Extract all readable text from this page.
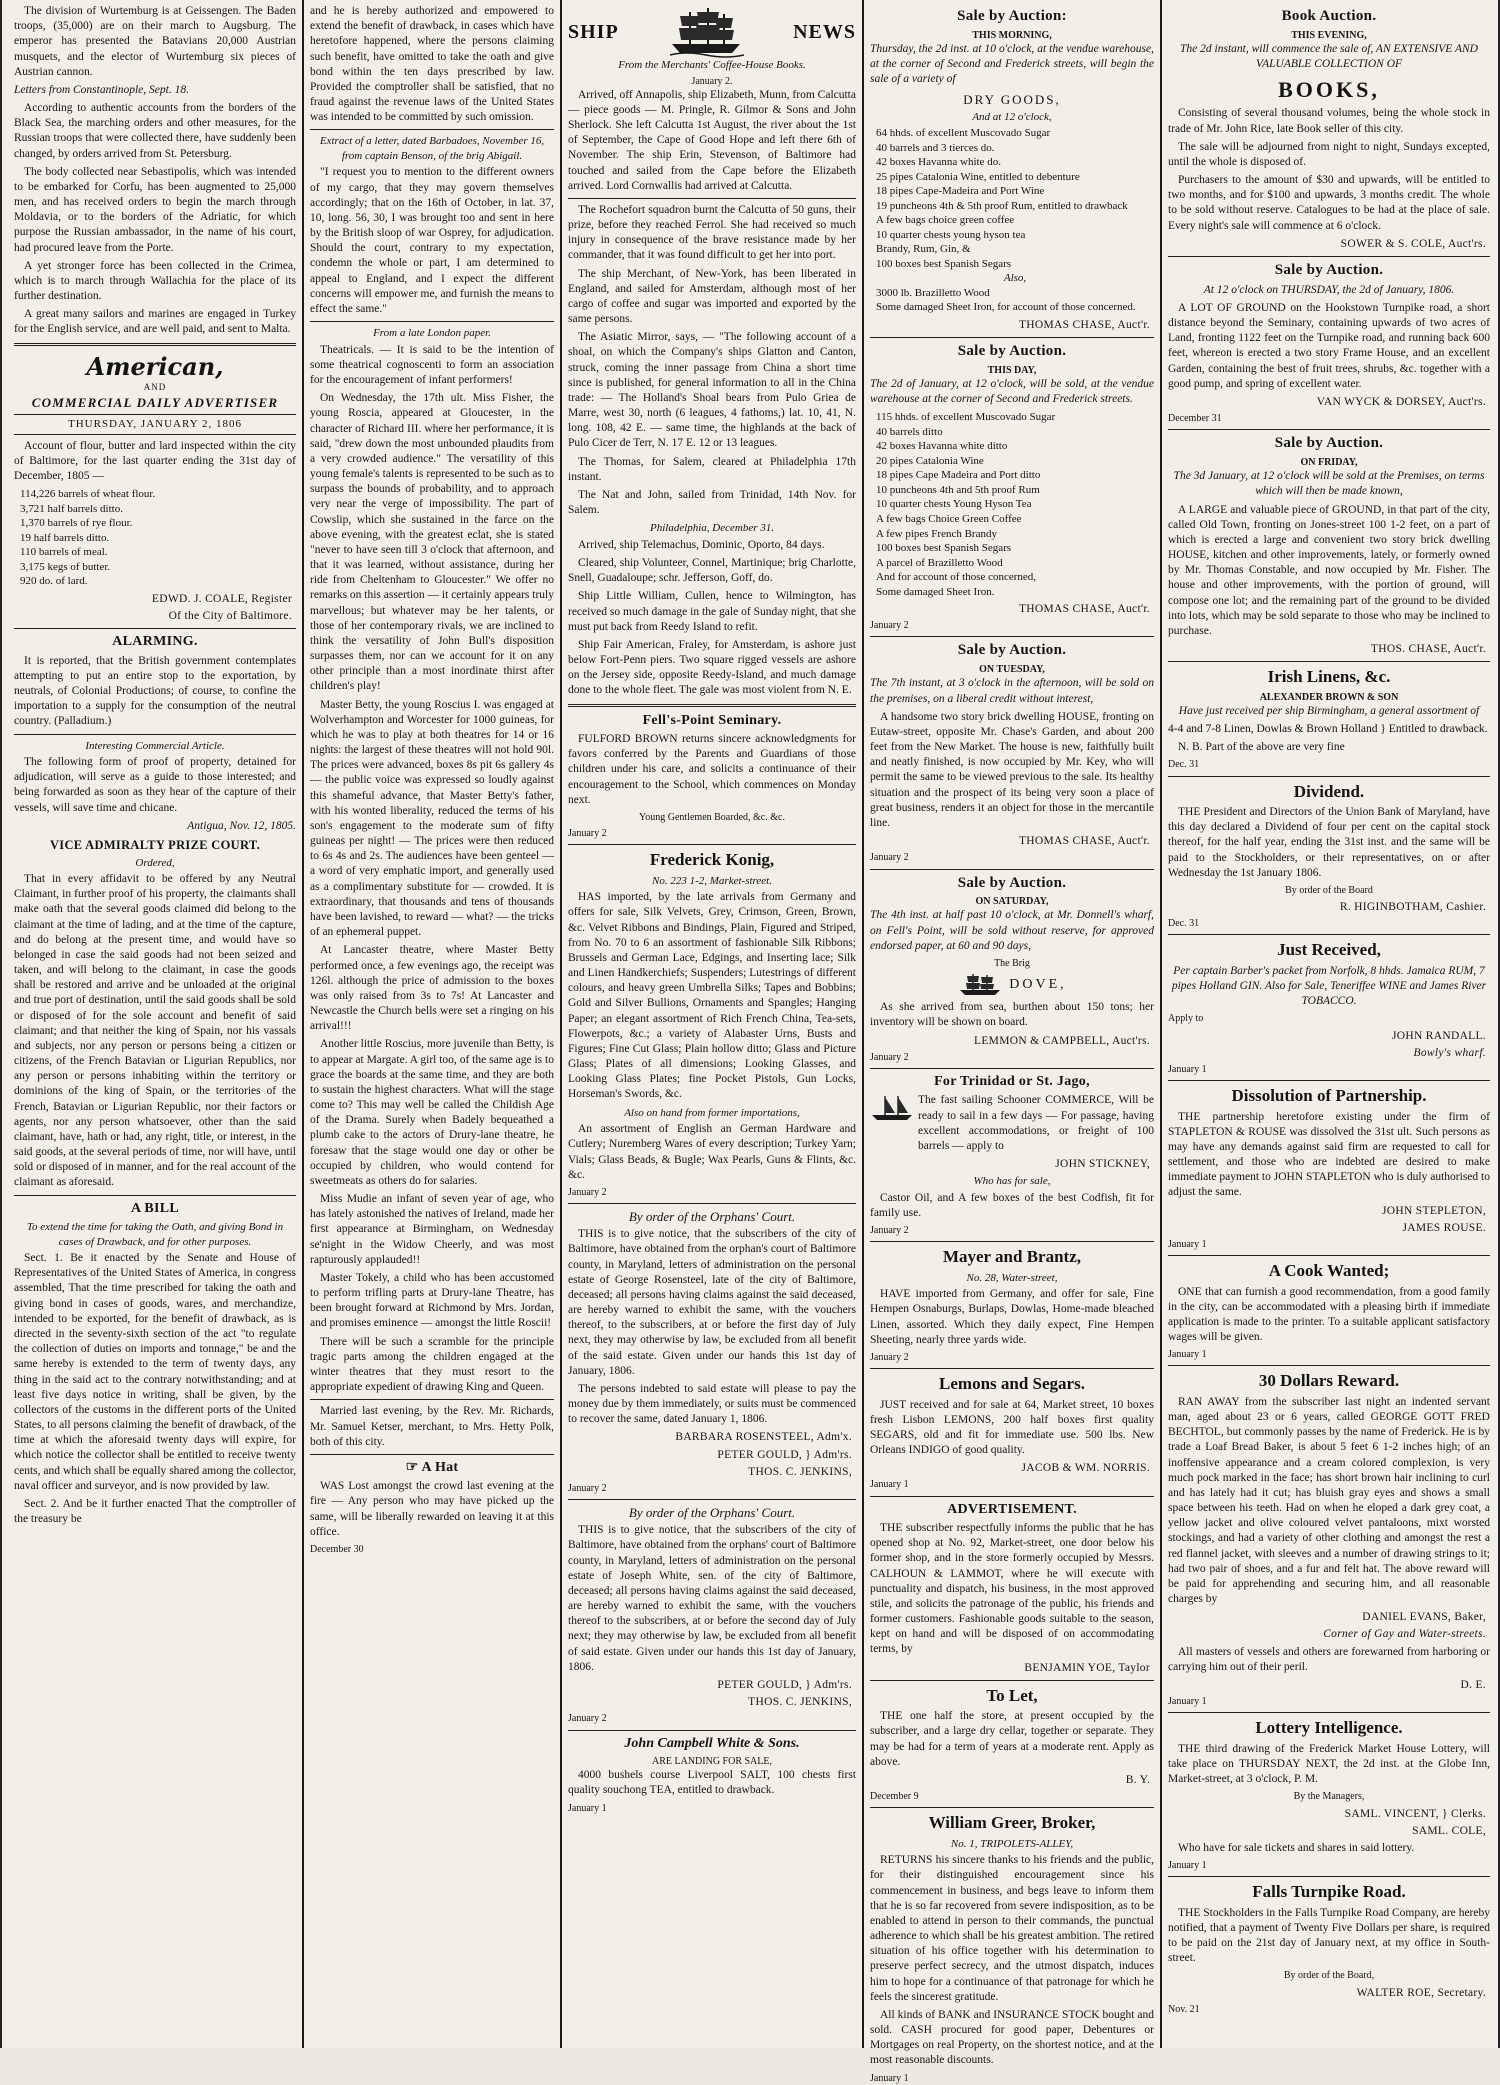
The division of Wurtemburg is at Geissengen. The Baden troops, (35,000) are on their march to Augsburg. The emperor has presented the Batavians 20,000 Austrian musquets, and the elector of Wurtemburg six pieces of Austrian cannon.

Letters from Constantinople, Sept. 18.

According to authentic accounts from the borders of the Black Sea, the marching orders and other measures, for the Russian troops that were collected there, have suddenly been changed, by orders arrived from St. Petersburg.

The body collected near Sebastipolis, which was intended to be embarked for Corfu, has been augmented to 25,000 men, and has received orders to begin the march through Moldavia, or to the borders of the Adriatic, for which purpose the Russian ambassador, in the name of his court, had procured leave from the Porte.

A yet stronger force has been collected in the Crimea, which is to march through Wallachia for the place of its further destination.

A great many sailors and marines are engaged in Turkey for the English service, and are well paid, and sent to Malta.

American,
AND
COMMERCIAL DAILY ADVERTISER
THURSDAY, JANUARY 2, 1806

Account of flour, butter and lard inspected within the city of Baltimore, for the last quarter ending the 31st day of December, 1805 —

114,226 barrels of wheat flour.
3,721 half barrels ditto.
1,370 barrels of rye flour.
19 half barrels ditto.
110 barrels of meal.
3,175 kegs of butter.
920 do. of lard.

EDWD. J. COALE, Register

Of the City of Baltimore.

ALARMING.

It is reported, that the British government contemplates attempting to put an entire stop to the exportation, by neutrals, of Colonial Productions; of course, to confine the importation to a supply for the consumption of the neutral country. (Palladium.)

Interesting Commercial Article.

The following form of proof of property, detained for adjudication, will serve as a guide to those interested; and being forwarded as soon as they hear of the capture of their vessels, will save time and chicane.

Antigua, Nov. 12, 1805.

VICE ADMIRALTY PRIZE COURT.
Ordered,

That in every affidavit to be offered by any Neutral Claimant, in further proof of his property, the claimants shall make oath that the several goods claimed did belong to the claimant at the time of lading, and at the time of the capture, and do belong at the present time, and would have so belonged in case the said goods had not been seized and taken, and will belong to the claimant, in case the goods shall be restored and arrive and be unloaded at the original and true port of destination, until the said goods shall be sold or disposed of for the sole account and benefit of said claimant; and that neither the king of Spain, nor his vassals and subjects, nor any person or persons being a citizen or citizens, of the French Batavian or Ligurian Republics, nor any person or persons inhabiting within the territory or dominions of the king of Spain, or the territories of the French, Batavian or Ligurian Republic, nor their factors or agents, nor any person whatsoever, other than the said claimant, have, hath or had, any right, title, or interest, in the said goods, at the several periods of time, nor will have, until sold or disposed of in manner, and for the real account of the claimant as aforesaid.

A BILL
To extend the time for taking the Oath, and giving Bond in cases of Drawback, and for other purposes.

Sect. 1. Be it enacted by the Senate and House of Representatives of the United States of America, in congress assembled, That the time prescribed for taking the oath and giving bond in cases of goods, wares, and merchandize, intended to be exported, for the benefit of drawback, as is directed in the seventy-sixth section of the act "to regulate the collection of duties on imports and tonnage," be and the same hereby is extended to the term of twenty days, any thing in the said act to the contrary notwithstanding; and at least five days notice in writing, shall be given, by the collectors of the customs in the different ports of the United States, to all persons claiming the benefit of drawback, of the time at which the aforesaid twenty days will expire, for which notice the collector shall be entitled to receive twenty cents, and which shall be equally shared among the collector, naval officer and surveyor, and is now provided by law.

Sect. 2. And be it further enacted That the comptroller of the treasury be

and he is hereby authorized and empowered to extend the benefit of drawback, in cases which have heretofore happened, where the persons claiming such benefit, have omitted to take the oath and give bond within the ten days prescribed by law. Provided the comptroller shall be satisfied, that no fraud against the revenue laws of the United States was intended to be committed by such omission.

Extract of a letter, dated Barbadoes, November 16, from captain Benson, of the brig Abigail.

"I request you to mention to the different owners of my cargo, that they may govern themselves accordingly; that on the 16th of October, in lat. 37, 10, long. 56, 30, I was brought too and sent in here by the British sloop of war Osprey, for adjudication. Should the court, contrary to my expectation, condemn the whole or part, I am determined to appeal to England, and I expect the different concerns will empower me, and furnish the means to effect the same."

From a late London paper.

Theatricals. — It is said to be the intention of some theatrical cognoscenti to form an association for the encouragement of infant performers!

On Wednesday, the 17th ult. Miss Fisher, the young Roscia, appeared at Gloucester, in the character of Richard III. where her performance, it is said, "drew down the most unbounded plaudits from a very crowded audience." The versatility of this young female's talents is represented to be such as to surpass the bounds of probability, and to approach very near the verge of impossibility. The part of Cowslip, which she sustained in the farce on the above evening, with the greatest eclat, she is stated "never to have seen till 3 o'clock that afternoon, and that it was learned, without assistance, during her ride from Cheltenham to Gloucester." We offer no remarks on this assertion — it certainly appears truly marvellous; but whatever may be her talents, or those of her contemporary rivals, we are inclined to think the versatility of John Bull's disposition surpasses them, nor can we account for it on any other principle than a most inordinate thirst after children's play!

Master Betty, the young Roscius I. was engaged at Wolverhampton and Worcester for 1000 guineas, for which he was to play at both theatres for 14 or 16 nights: the largest of these theatres will not hold 90l. The prices were advanced, boxes 8s pit 6s gallery 4s — the public voice was expressed so loudly against this shameful advance, that Master Betty's father, with his wonted liberality, reduced the terms of his son's engagement to the moderate sum of fifty guineas per night! — The prices were then reduced to 6s 4s and 2s. The audiences have been genteel — a word of very emphatic import, and generally used as a complimentary substitute for — crowded. It is extraordinary, that thousands and tens of thousands have been lavished, to reward — what? — the tricks of an ephemeral puppet.

At Lancaster theatre, where Master Betty performed once, a few evenings ago, the receipt was 126l. although the price of admission to the boxes was only raised from 3s to 7s! At Lancaster and Newcastle the Church bells were set a ringing on his arrival!!!

Another little Roscius, more juvenile than Betty, is to appear at Margate. A girl too, of the same age is to grace the boards at the same time, and they are both to sustain the highest characters. What will the stage come to? This may well be called the Childish Age of the Drama. Surely when Badely bequeathed a plumb cake to the actors of Drury-lane theatre, he foresaw that the stage would one day or other be occupied by children, who would contend for sweetmeats as others do for salaries.

Miss Mudie an infant of seven year of age, who has lately astonished the natives of Ireland, made her first appearance at Birmingham, on Wednesday se'night in the Widow Cheerly, and was most rapturously applauded!!

Master Tokely, a child who has been accustomed to perform trifling parts at Drury-lane Theatre, has been brought forward at Richmond by Mrs. Jordan, and promises eminence — amongst the little Roscii!

There will be such a scramble for the principle tragic parts among the children engaged at the winter theatres that they must resort to the appropriate expedient of drawing King and Queen.

Married last evening, by the Rev. Mr. Richards, Mr. Samuel Ketser, merchant, to Mrs. Hetty Polk, both of this city.

☞ A Hat

WAS Lost amongst the crowd last evening at the fire — Any person who may have picked up the same, will be liberally rewarded on leaving it at this office.

December 30

SHIP	NEWS
From the Merchants' Coffee-House Books.
January 2.

Arrived, off Annapolis, ship Elizabeth, Munn, from Calcutta — piece goods — M. Pringle, R. Gilmor & Sons and John Sherlock. She left Calcutta 1st August, the river about the 1st of September, the Cape of Good Hope and left there 6th of November. The ship Erin, Stevenson, of Baltimore had touched and sailed from the Cape before the Elizabeth arrived. Lord Cornwallis had arrived at Calcutta.

The Rochefort squadron burnt the Calcutta of 50 guns, their prize, before they reached Ferrol. She had received so much injury in consequence of the brave resistance made by her commander, that it was found difficult to get her into port.

The ship Merchant, of New-York, has been liberated in England, and sailed for Amsterdam, although most of her cargo of coffee and sugar was imported and exported by the same persons.

The Asiatic Mirror, says, — "The following account of a shoal, on which the Company's ships Glatton and Canton, struck, coming the inner passage from China a short time since is published, for general information to all in the China trade: — The Holland's Shoal bears from Pulo Griea de Marre, west 30, north (6 leagues, 4 fathoms,) lat. 10, 41, N. long. 108, 42 E. — same time, the highlands at the back of Pulo Cicer de Terr, N. 17 E. 12 or 13 leagues.

The Thomas, for Salem, cleared at Philadelphia 17th instant.

The Nat and John, sailed from Trinidad, 14th Nov. for Salem.

Philadelphia, December 31.

Arrived, ship Telemachus, Dominic, Oporto, 84 days.

Cleared, ship Volunteer, Connel, Martinique; brig Charlotte, Snell, Guadaloupe; schr. Jefferson, Goff, do.

Ship Little William, Cullen, hence to Wilmington, has received so much damage in the gale of Sunday night, that she must put back from Reedy Island to refit.

Ship Fair American, Fraley, for Amsterdam, is ashore just below Fort-Penn piers. Two square rigged vessels are ashore on the Jersey side, opposite Reedy-Island, and much damage done to the whole fleet. The gale was most violent from N. E.

Fell's-Point Seminary.

FULFORD BROWN returns sincere acknowledgments for favors conferred by the Parents and Guardians of those children under his care, and solicits a continuance of their encouragement to the School, which commences on Monday next.

Young Gentlemen Boarded, &c. &c.

January 2

Frederick Konig,
No. 223 1-2, Market-street.

HAS imported, by the late arrivals from Germany and offers for sale, Silk Velvets, Grey, Crimson, Green, Brown, &c. Velvet Ribbons and Bindings, Plain, Figured and Striped, from No. 70 to 6 an assortment of fashionable Silk Ribbons; Brussels and German Lace, Edgings, and Inserting lace; Silk and Linen Handkerchiefs; Suspenders; Lutestrings of different colours, and heavy green Umbrella Silks; Tapes and Bobbins; Gold and Silver Bullions, Ornaments and Spangles; Hanging Paper; an elegant assortment of Rich French China, Tea-sets, Flowerpots, &c.; a variety of Alabaster Urns, Busts and Figures; Fine Cut Glass; Plain hollow ditto; Glass and Picture Glass; Plates of all dimensions; Looking Glasses, and Looking Glass Plates; fine Pocket Pistols, Gun Locks, Horseman's Swords, &c.

Also on hand from former importations,

An assortment of English an German Hardware and Cutlery; Nuremberg Wares of every description; Turkey Yarn; Vials; Glass Beads, & Bugle; Wax Pearls, Guns & Flints, &c. &c.

January 2

By order of the Orphans' Court.

THIS is to give notice, that the subscribers of the city of Baltimore, have obtained from the orphan's court of Baltimore county, in Maryland, letters of administration on the personal estate of George Rosensteel, late of the city of Baltimore, deceased; all persons having claims against the said deceased, are hereby warned to exhibit the same, with the vouchers thereof, to the subscribers, at or before the first day of July next, they may otherwise by law, be excluded from all benefit of the said estate. Given under our hands this 1st day of January, 1806.

The persons indebted to said estate will please to pay the money due by them immediately, or suits must be commenced to recover the same, dated January 1, 1806.

BARBARA ROSENSTEEL, Adm'x.

PETER GOULD, } Adm'rs.

THOS. C. JENKINS,

January 2

By order of the Orphans' Court.

THIS is to give notice, that the subscribers of the city of Baltimore, have obtained from the orphans' court of Baltimore county, in Maryland, letters of administration on the personal estate of Joseph White, sen. of the city of Baltimore, deceased; all persons having claims against the said deceased, are hereby warned to exhibit the same, with the vouchers thereof to the subscribers, at or before the second day of July next; they may otherwise by law, be excluded from all benefit of said estate. Given under our hands this 1st day of January, 1806.

PETER GOULD, } Adm'rs.

THOS. C. JENKINS,

January 2

John Campbell White & Sons.
ARE LANDING FOR SALE,

4000 bushels course Liverpool SALT, 100 chests first quality souchong TEA, entitled to drawback.

January 1

Sale by Auction:
THIS MORNING,

Thursday, the 2d inst. at 10 o'clock, at the vendue warehouse, at the corner of Second and Frederick streets, will begin the sale of a variety of

DRY GOODS,
And at 12 o'clock,
64 hhds. of excellent Muscovado Sugar
40 barrels and 3 tierces do.
42 boxes Havanna white do.
25 pipes Catalonia Wine, entitled to debenture
18 pipes Cape-Madeira and Port Wine
19 puncheons 4th & 5th proof Rum, entitled to drawback
A few bags choice green coffee
10 quarter chests young hyson tea
Brandy, Rum, Gin, &
100 boxes best Spanish Segars
Also,
3000 lb. Brazilletto Wood
Some damaged Sheet Iron, for account of those concerned.

THOMAS CHASE, Auct'r.

Sale by Auction.
THIS DAY,

The 2d of January, at 12 o'clock, will be sold, at the vendue warehouse at the corner of Second and Frederick streets.

115 hhds. of excellent Muscovado Sugar
40 barrels ditto
42 boxes Havanna white ditto
20 pipes Catalonia Wine
18 pipes Cape Madeira and Port ditto
10 puncheons 4th and 5th proof Rum
10 quarter chests Young Hyson Tea
A few bags Choice Green Coffee
A few pipes French Brandy
100 boxes best Spanish Segars
A parcel of Brazilletto Wood
And for account of those concerned,
Some damaged Sheet Iron.

THOMAS CHASE, Auct'r.

January 2

Sale by Auction.
ON TUESDAY,

The 7th instant, at 3 o'clock in the afternoon, will be sold on the premises, on a liberal credit without interest,

A handsome two story brick dwelling HOUSE, fronting on Eutaw-street, opposite Mr. Chase's Garden, and about 200 feet from the New Market. The house is new, faithfully built and neatly finished, is now occupied by Mr. Key, who will permit the same to be viewed previous to the sale. Its healthy situation and the prospect of its being very soon a place of great business, renders it an object for those in the mercantile line.

THOMAS CHASE, Auct'r.

January 2

Sale by Auction.
ON SATURDAY,

The 4th inst. at half past 10 o'clock, at Mr. Donnell's wharf, on Fell's Point, will be sold without reserve, for approved endorsed paper, at 60 and 90 days,

The Brig
DOVE,

As she arrived from sea, burthen about 150 tons; her inventory will be shown on board.

LEMMON & CAMPBELL, Auct'rs.

January 2

For Trinidad or St. Jago,

The fast sailing Schooner COMMERCE, Will be ready to sail in a few days — For passage, having excellent accommodations, or freight of 100 barrels — apply to

JOHN STICKNEY,

Who has for sale,

Castor Oil, and A few boxes of the best Codfish, fit for family use.

January 2

Mayer and Brantz,
No. 28, Water-street,

HAVE imported from Germany, and offer for sale, Fine Hempen Osnaburgs, Burlaps, Dowlas, Home-made bleached Linen, assorted. Which they daily expect, Fine Hempen Sheeting, nearly three yards wide.

January 2

Lemons and Segars.

JUST received and for sale at 64, Market street, 10 boxes fresh Lisbon LEMONS, 200 half boxes first quality SEGARS, old and fit for immediate use. 500 lbs. New Orleans INDIGO of good quality.

JACOB & WM. NORRIS.

January 1

ADVERTISEMENT.

THE subscriber respectfully informs the public that he has opened shop at No. 92, Market-street, one door below his former shop, and in the store formerly occupied by Messrs. CALHOUN & LAMMOT, where he will execute with punctuality and dispatch, his business, in the most approved stile, and solicits the patronage of the public, his friends and former customers. Fashionable goods suitable to the season, kept on hand and will be disposed of on accommodating terms, by

BENJAMIN YOE, Taylor

To Let,

THE one half the store, at present occupied by the subscriber, and a large dry cellar, together or separate. They may be had for a term of years at a moderate rent. Apply as above.

B. Y.

December 9

William Greer, Broker,
No. 1, TRIPOLETS-ALLEY,

RETURNS his sincere thanks to his friends and the public, for their distinguished encouragement since his commencement in business, and begs leave to inform them that he is so far recovered from severe indisposition, as to be enabled to attend in person to their commands, the punctual adherence to which shall be his greatest ambition. The retired situation of his office together with his determination to preserve perfect secrecy, and the utmost dispatch, induces him to hope for a continuance of that patronage for which he feels the sincerest gratitude.

All kinds of BANK and INSURANCE STOCK bought and sold. CASH procured for good paper, Debentures or Mortgages on real Property, on the shortest notice, and at the most reasonable discounts.

January 1

Book Auction.
THIS EVENING,

The 2d instant, will commence the sale of, AN EXTENSIVE AND VALUABLE COLLECTION OF

BOOKS,

Consisting of several thousand volumes, being the whole stock in trade of Mr. John Rice, late Book seller of this city.

The sale will be adjourned from night to night, Sundays excepted, until the whole is disposed of.

Purchasers to the amount of $30 and upwards, will be entitled to two months, and for $100 and upwards, 3 months credit. The whole to be sold without reserve. Catalogues to be had at the place of sale. Every night's sale will commence at 6 o'clock.

SOWER & S. COLE, Auct'rs.

Sale by Auction.

At 12 o'clock on THURSDAY, the 2d of January, 1806.

A LOT OF GROUND on the Hookstown Turnpike road, a short distance beyond the Seminary, containing upwards of two acres of Land, fronting 1122 feet on the Turnpike road, and running back 600 feet, whereon is erected a two story Frame House, and an excellent Garden, containing the best of fruit trees, shrubs, &c. together with a good pump, and spring of excellent water.

VAN WYCK & DORSEY, Auct'rs.

December 31

Sale by Auction.
ON FRIDAY,

The 3d January, at 12 o'clock will be sold at the Premises, on terms which will then be made known,

A LARGE and valuable piece of GROUND, in that part of the city, called Old Town, fronting on Jones-street 100 1-2 feet, on a part of which is erected a large and convenient two story brick dwelling HOUSE, kitchen and other improvements, lately, or formerly owned by Mr. Thomas Constable, and now occupied by Mr. Fisher. The house and other improvements, with the portion of ground, will compose one lot; and the remaining part of the ground to be divided into lots, which may be sold separate to those who may be inclined to purchase.

THOS. CHASE, Auct'r.

Irish Linens, &c.
ALEXANDER BROWN & SON

Have just received per ship Birmingham, a general assortment of

4-4 and 7-8 Linen, Dowlas & Brown Holland } Entitled to drawback.

N. B. Part of the above are very fine

Dec. 31

Dividend.

THE President and Directors of the Union Bank of Maryland, have this day declared a Dividend of four per cent on the capital stock thereof, for the half year, ending the 31st inst. and the same will be paid to the Stockholders, or their representatives, on or after Wednesday the 1st January 1806.

By order of the Board

R. HIGINBOTHAM, Cashier.

Dec. 31

Just Received,

Per captain Barber's packet from Norfolk, 8 hhds. Jamaica RUM, 7 pipes Holland GIN. Also for Sale, Teneriffee WINE and James River TOBACCO.

Apply to

JOHN RANDALL.

Bowly's wharf.

January 1

Dissolution of Partnership.

THE partnership heretofore existing under the firm of STAPLETON & ROUSE was dissolved the 31st ult. Such persons as may have any demands against said firm are requested to call for settlement, and those who are indebted are desired to make immediate payment to JOHN STAPLETON who is duly authorised to adjust the same.

JOHN STEPLETON,

JAMES ROUSE.

January 1

A Cook Wanted;

ONE that can furnish a good recommendation, from a good family in the city, can be accommodated with a pleasing birth if immediate application is made to the printer. To a suitable applicant satisfactory wages will be given.

January 1

30 Dollars Reward.

RAN AWAY from the subscriber last night an indented servant man, aged about 23 or 6 years, called GEORGE GOTT FRED BECHTOL, but commonly passes by the name of Frederick. He is by trade a Loaf Bread Baker, is about 5 feet 6 1-2 inches high; of an inoffensive appearance and a cream colored complexion, is very much pock marked in the face; has short brown hair inclining to curl and has lately had it cut; has bluish gray eyes and shows a small space between his teeth. Had on when he eloped a dark grey coat, a yellow jacket and olive coloured velvet pantaloons, mixt worsted stockings, and had a variety of other clothing and amongst the rest a red flannel jacket, with sleeves and a number of drawing strings to it; had two pair of shoes, and a fur and felt hat. The above reward will be paid for apprehending and securing him, and all reasonable charges by

DANIEL EVANS, Baker,

Corner of Gay and Water-streets.

All masters of vessels and others are forewarned from harboring or carrying him out of their peril.

D. E.

January 1

Lottery Intelligence.

THE third drawing of the Frederick Market House Lottery, will take place on THURSDAY NEXT, the 2d inst. at the Globe Inn, Market-street, at 3 o'clock, P. M.

By the Managers,

SAML. VINCENT, } Clerks.

SAML. COLE,

Who have for sale tickets and shares in said lottery.

January 1

Falls Turnpike Road.

THE Stockholders in the Falls Turnpike Road Company, are hereby notified, that a payment of Twenty Five Dollars per share, is required to be paid on the 21st day of January next, at my office in South-street.

By order of the Board,

WALTER ROE, Secretary.

Nov. 21
